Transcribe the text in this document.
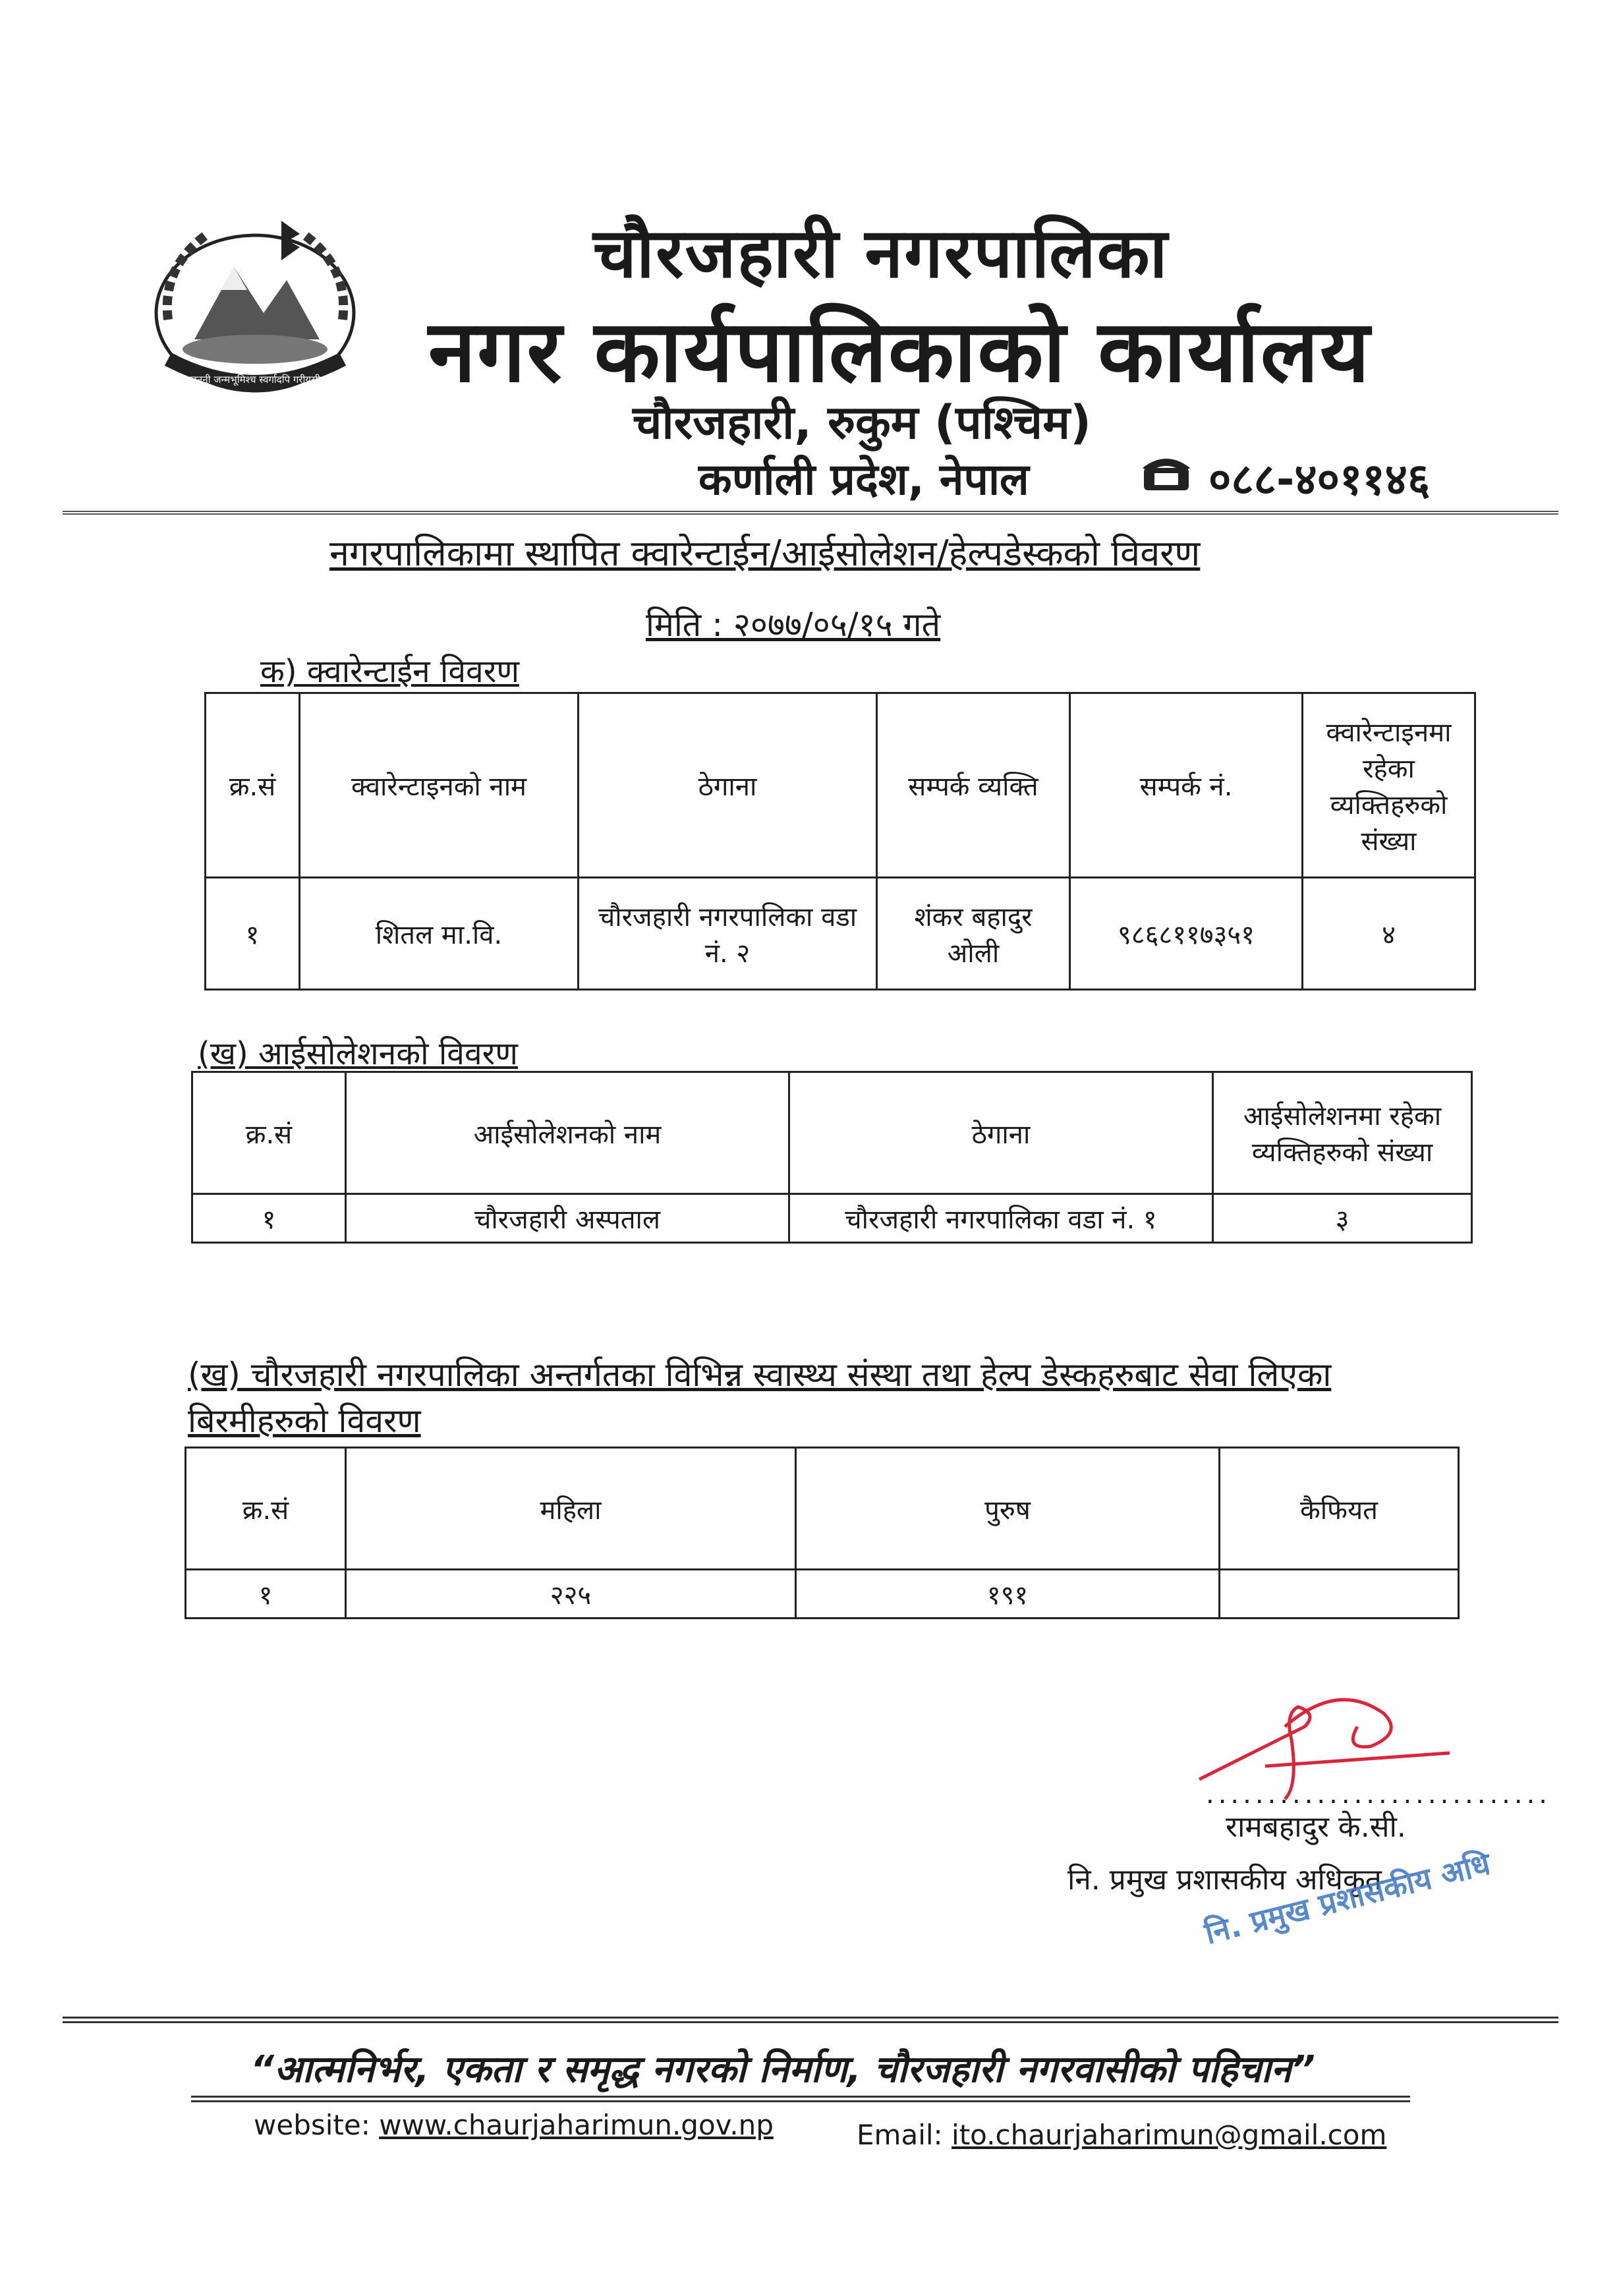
जननी जन्मभूमिश्च स्वर्गादपि गरीयसी
चौरजहारी नगरपालिका
नगर कार्यपालिकाको कार्यालय
चौरजहारी, रुकुम (पश्चिम)
कर्णाली प्रदेश, नेपाल	०८८-४०११४६
नगरपालिकामा स्थापित क्वारेन्टाईन/आईसोलेशन/हेल्पडेस्कको विवरण
मिति : २०७७/०५/१५ गते
क) क्वारेन्टाईन विवरण
क्र.सं	क्वारेन्टाइनको नाम	ठेगाना	सम्पर्क व्यक्ति	सम्पर्क नं.	क्वारेन्टाइनमा रहेका व्यक्तिहरुको संख्या
१	शितल मा.वि.	चौरजहारी नगरपालिका वडा नं. २	शंकर बहादुर ओली	९८६८११७३५१	४
(ख) आईसोलेशनको विवरण
क्र.सं	आईसोलेशनको नाम	ठेगाना	आईसोलेशनमा रहेका व्यक्तिहरुको संख्या
१	चौरजहारी अस्पताल	चौरजहारी नगरपालिका वडा नं. १	३
(ख) चौरजहारी नगरपालिका अन्तर्गतका विभिन्न स्वास्थ्य संस्था तथा हेल्प डेस्कहरुबाट सेवा लिएका
बिरमीहरुको विवरण
क्र.सं	महिला	पुरुष	कैफियत
१	२२५	१९१	
............................
रामबहादुर के.सी.
नि. प्रमुख प्रशासकीय अधिकृत
नि. प्रमुख प्रशासकीय अधिकृत
“आत्मनिर्भर, एकता र समृद्ध नगरको निर्माण, चौरजहारी नगरवासीको पहिचान”
website: www.chaurjaharimun.gov.np	Email: ito.chaurjaharimun@gmail.com
